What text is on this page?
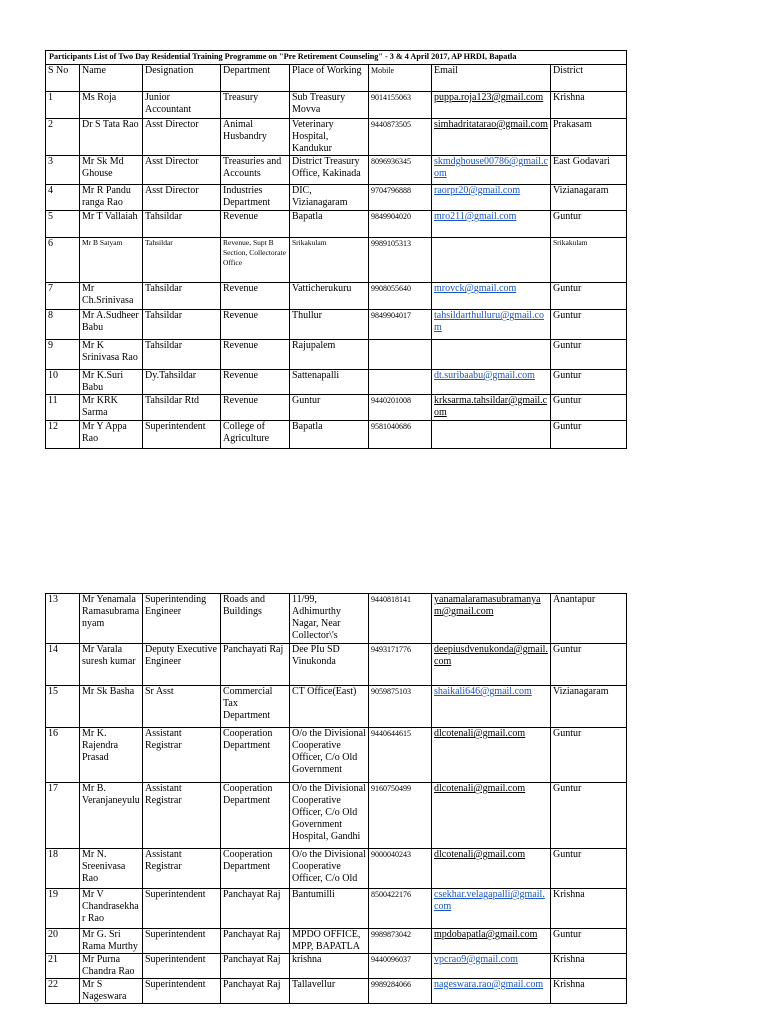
Participants List of Two Day Residential Training Programme on "Pre Retirement Counseling" - 3 & 4 April 2017, AP HRDI, Bapatla							
S No	Name	Designation	Department	Place of Working	Mobile	Email	District
1	Ms Roja	Junior Accountant	Treasury	Sub Treasury Movva	9014155063	puppa.roja123@gmail.com	Krishna
2	Dr S Tata Rao	Asst Director	Animal Husbandry	Veterinary Hospital, Kandukur	9440873505	simhadritatarao@gmail.com	Prakasam
3	Mr Sk Md Ghouse	Asst Director	Treasuries and Accounts	District Treasury Office, Kakinada	8096936345	skmdghouse00786@gmail.com	East Godavari
4	Mr R Pandu ranga Rao	Asst Director	Industries Department	DIC, Vizianagaram	9704796888	raorpr20@gmail.com	Vizianagaram
5	Mr T Vallaiah	Tahsildar	Revenue	Bapatla	9849904020	mro211@gmail.com	Guntur
6	Mr B Satyam	Tahsildar	Revenue, Supt B Section, Collectorate Office	Srikakulam	9989105313		Srikakulam
7	Mr Ch.Srinivasa	Tahsildar	Revenue	Vatticherukuru	9908055640	mrovck@gmail.com	Guntur
8	Mr A.Sudheer Babu	Tahsildar	Revenue	Thullur	9849904017	tahsildarthulluru@gmail.com	Guntur
9	Mr K Srinivasa Rao	Tahsildar	Revenue	Rajupalem			Guntur
10	Mr K.Suri Babu	Dy.Tahsildar	Revenue	Sattenapalli		dt.suribaabu@gmail.com	Guntur
11	Mr KRK Sarma	Tahsildar Rtd	Revenue	Guntur	9440201008	krksarma.tahsildar@gmail.com	Guntur
12	Mr Y Appa Rao	Superintendent	College of Agriculture	Bapatla	9581040686		Guntur
13	Mr Yenamala Ramasubramanyam	Superintending Engineer	Roads and Buildings	11/99, Adhimurthy Nagar, Near Collector\'s	9440818141	yanamalaramasubramanyam@gmail.com	Anantapur
14	Mr Varala suresh kumar	Deputy Executive Engineer	Panchayati Raj	Dee PIu SD Vinukonda	9493171776	deepiusdvenukonda@gmail.com	Guntur
15	Mr Sk Basha	Sr Asst	Commercial Tax Department	CT Office(East)	9059875103	shaikali646@gmail.com	Vizianagaram
16	Mr K. Rajendra Prasad	Assistant Registrar	Cooperation Department	O/o the Divisional Cooperative Officer, C/o Old Government	9440644615	dlcotenali@gmail.com	Guntur
17	Mr B. Veranjaneyulu	Assistant Registrar	Cooperation Department	O/o the Divisional Cooperative Officer, C/o Old Government Hospital, Gandhi	9160750499	dlcotenali@gmail.com	Guntur
18	Mr N. Sreenivasa Rao	Assistant Registrar	Cooperation Department	O/o the Divisional Cooperative Officer, C/o Old	9000040243	dlcotenali@gmail.com	Guntur
19	Mr V Chandrasekhar Rao	Superintendent	Panchayat Raj	Bantumilli	8500422176	csekhar.velagapalli@gmail.com	Krishna
20	Mr G. Sri Rama Murthy	Superintendent	Panchayat Raj	MPDO OFFICE, MPP, BAPATLA	9989873042	mpdobapatla@gmail.com	Guntur
21	Mr Purna Chandra Rao	Superintendent	Panchayat Raj	krishna	9440096037	vpcrao9@gmail.com	Krishna
22	Mr S Nageswara	Superintendent	Panchayat Raj	Tallavellur	9989284066	nageswara.rao@gmail.com	Krishna
